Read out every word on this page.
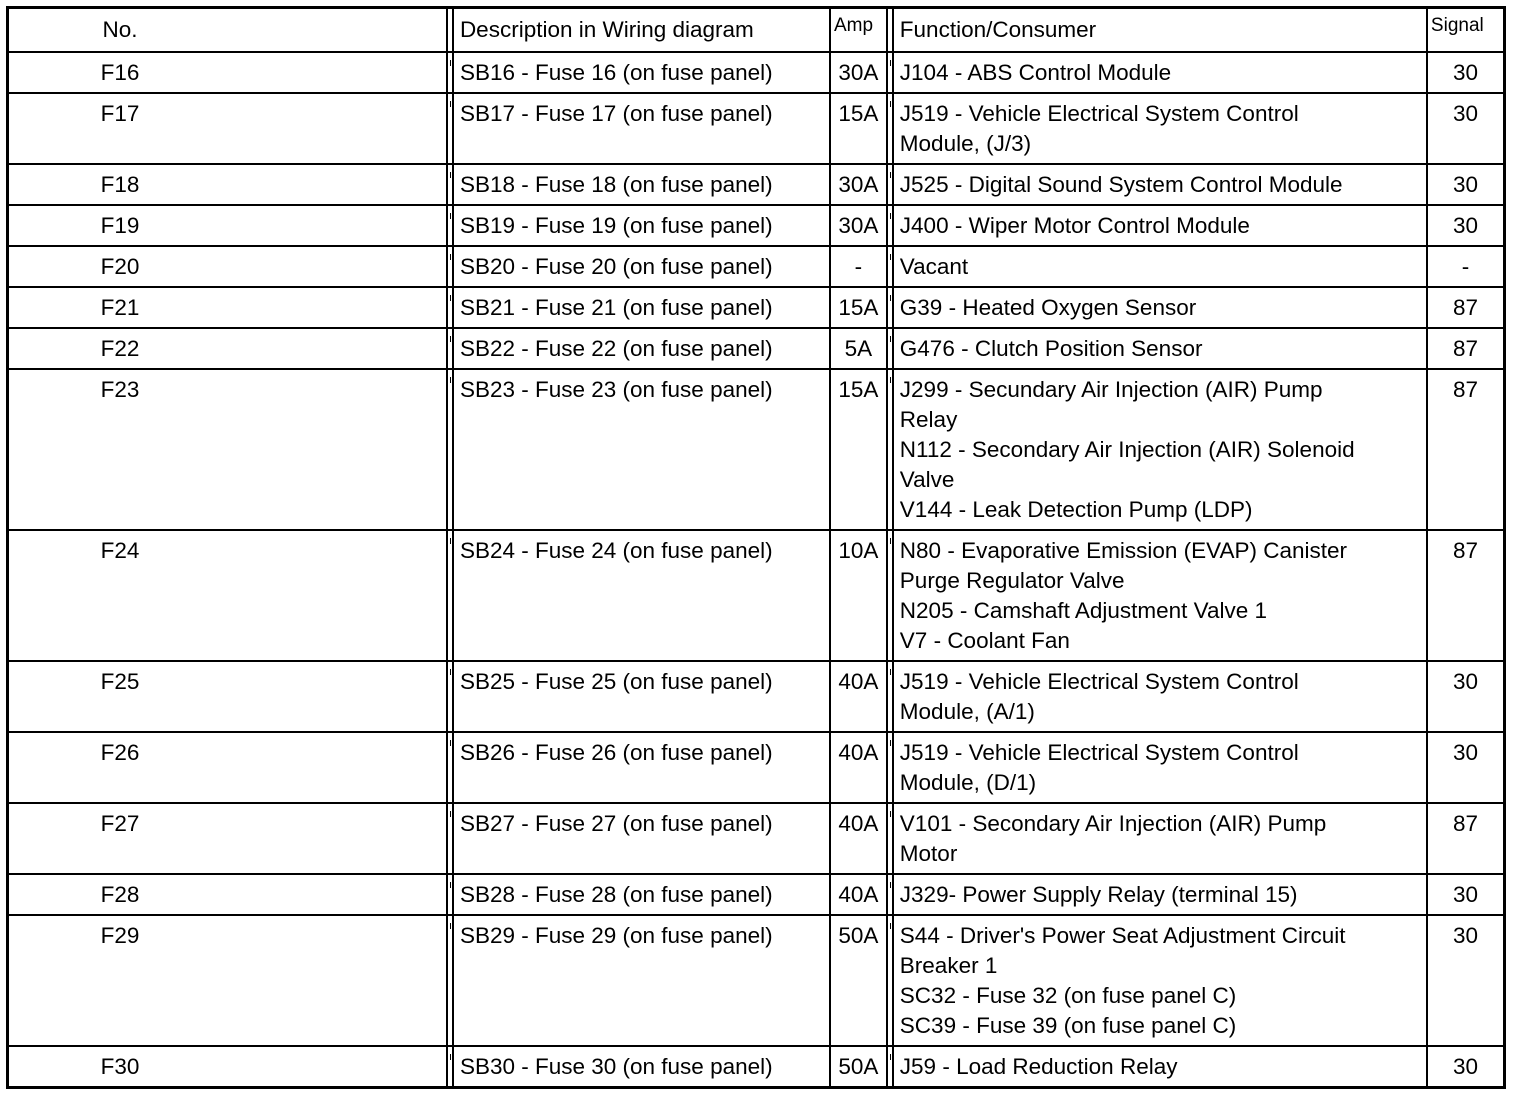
No.		Description in Wiring diagram	Amp		Function/Consumer	Signal

F16		SB16 - Fuse 16 (on fuse panel)	30A		J104 - ABS Control Module	30

F17		SB17 - Fuse 17 (on fuse panel)	15A		J519 - Vehicle Electrical System Control
Module, (J/3)	30

F18		SB18 - Fuse 18 (on fuse panel)	30A		J525 - Digital Sound System Control Module	30

F19		SB19 - Fuse 19 (on fuse panel)	30A		J400 - Wiper Motor Control Module	30

F20		SB20 - Fuse 20 (on fuse panel)	-		Vacant	-

F21		SB21 - Fuse 21 (on fuse panel)	15A		G39 - Heated Oxygen Sensor	87

F22		SB22 - Fuse 22 (on fuse panel)	5A		G476 - Clutch Position Sensor	87

F23		SB23 - Fuse 23 (on fuse panel)	15A		J299 - Secundary Air Injection (AIR) Pump
Relay
N112 - Secondary Air Injection (AIR) Solenoid
Valve
V144 - Leak Detection Pump (LDP)	87

F24		SB24 - Fuse 24 (on fuse panel)	10A		N80 - Evaporative Emission (EVAP) Canister
Purge Regulator Valve
N205 - Camshaft Adjustment Valve 1
V7 - Coolant Fan	87

F25		SB25 - Fuse 25 (on fuse panel)	40A		J519 - Vehicle Electrical System Control
Module, (A/1)	30

F26		SB26 - Fuse 26 (on fuse panel)	40A		J519 - Vehicle Electrical System Control
Module, (D/1)	30

F27		SB27 - Fuse 27 (on fuse panel)	40A		V101 - Secondary Air Injection (AIR) Pump
Motor	87

F28		SB28 - Fuse 28 (on fuse panel)	40A		J329- Power Supply Relay (terminal 15)	30

F29		SB29 - Fuse 29 (on fuse panel)	50A		S44 - Driver's Power Seat Adjustment Circuit
Breaker 1
SC32 - Fuse 32 (on fuse panel C)
SC39 - Fuse 39 (on fuse panel C)	30

F30		SB30 - Fuse 30 (on fuse panel)	50A		J59 - Load Reduction Relay	30
